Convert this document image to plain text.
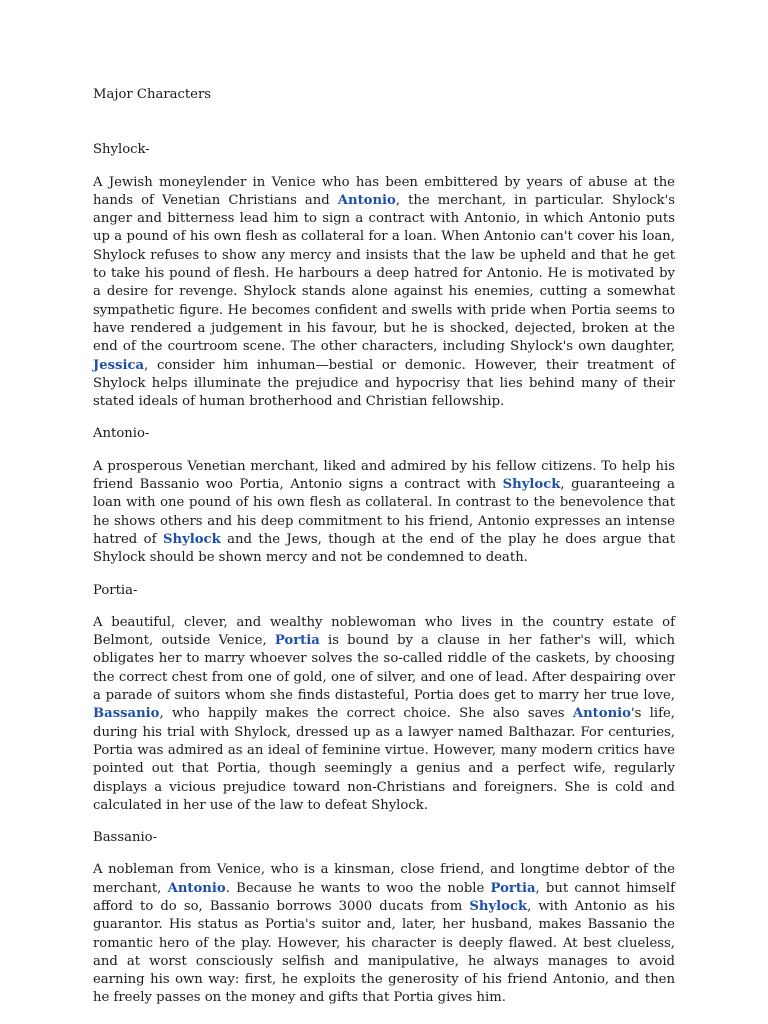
Major Characters
Shylock-
A Jewish moneylender in Venice who has been embittered by years of abuse at the hands of Venetian Christians and Antonio, the merchant, in particular. Shylock's anger and bitterness lead him to sign a contract with Antonio, in which Antonio puts up a pound of his own flesh as collateral for a loan. When Antonio can't cover his loan, Shylock refuses to show any mercy and insists that the law be upheld and that he get to take his pound of flesh. He harbours a deep hatred for Antonio. He is motivated by a desire for revenge. Shylock stands alone against his enemies, cutting a somewhat sympathetic figure. He becomes confident and swells with pride when Portia seems to have rendered a judgement in his favour, but he is shocked, dejected, broken at the end of the courtroom scene. The other characters, including Shylock's own daughter, Jessica, consider him inhuman—bestial or demonic. However, their treatment of Shylock helps illuminate the prejudice and hypocrisy that lies behind many of their stated ideals of human brotherhood and Christian fellowship.
Antonio-
A prosperous Venetian merchant, liked and admired by his fellow citizens. To help his friend Bassanio woo Portia, Antonio signs a contract with Shylock, guaranteeing a loan with one pound of his own flesh as collateral. In contrast to the benevolence that he shows others and his deep commitment to his friend, Antonio expresses an intense hatred of Shylock and the Jews, though at the end of the play he does argue that Shylock should be shown mercy and not be condemned to death.
Portia-
A beautiful, clever, and wealthy noblewoman who lives in the country estate of Belmont, outside Venice, Portia is bound by a clause in her father's will, which obligates her to marry whoever solves the so-called riddle of the caskets, by choosing the correct chest from one of gold, one of silver, and one of lead. After despairing over a parade of suitors whom she finds distasteful, Portia does get to marry her true love, Bassanio, who happily makes the correct choice. She also saves Antonio's life, during his trial with Shylock, dressed up as a lawyer named Balthazar. For centuries, Portia was admired as an ideal of feminine virtue. However, many modern critics have pointed out that Portia, though seemingly a genius and a perfect wife, regularly displays a vicious prejudice toward non-Christians and foreigners. She is cold and calculated in her use of the law to defeat Shylock.
Bassanio-
A nobleman from Venice, who is a kinsman, close friend, and longtime debtor of the merchant, Antonio. Because he wants to woo the noble Portia, but cannot himself afford to do so, Bassanio borrows 3000 ducats from Shylock, with Antonio as his guarantor. His status as Portia's suitor and, later, her husband, makes Bassanio the romantic hero of the play. However, his character is deeply flawed. At best clueless, and at worst consciously selfish and manipulative, he always manages to avoid earning his own way: first, he exploits the generosity of his friend Antonio, and then he freely passes on the money and gifts that Portia gives him.
